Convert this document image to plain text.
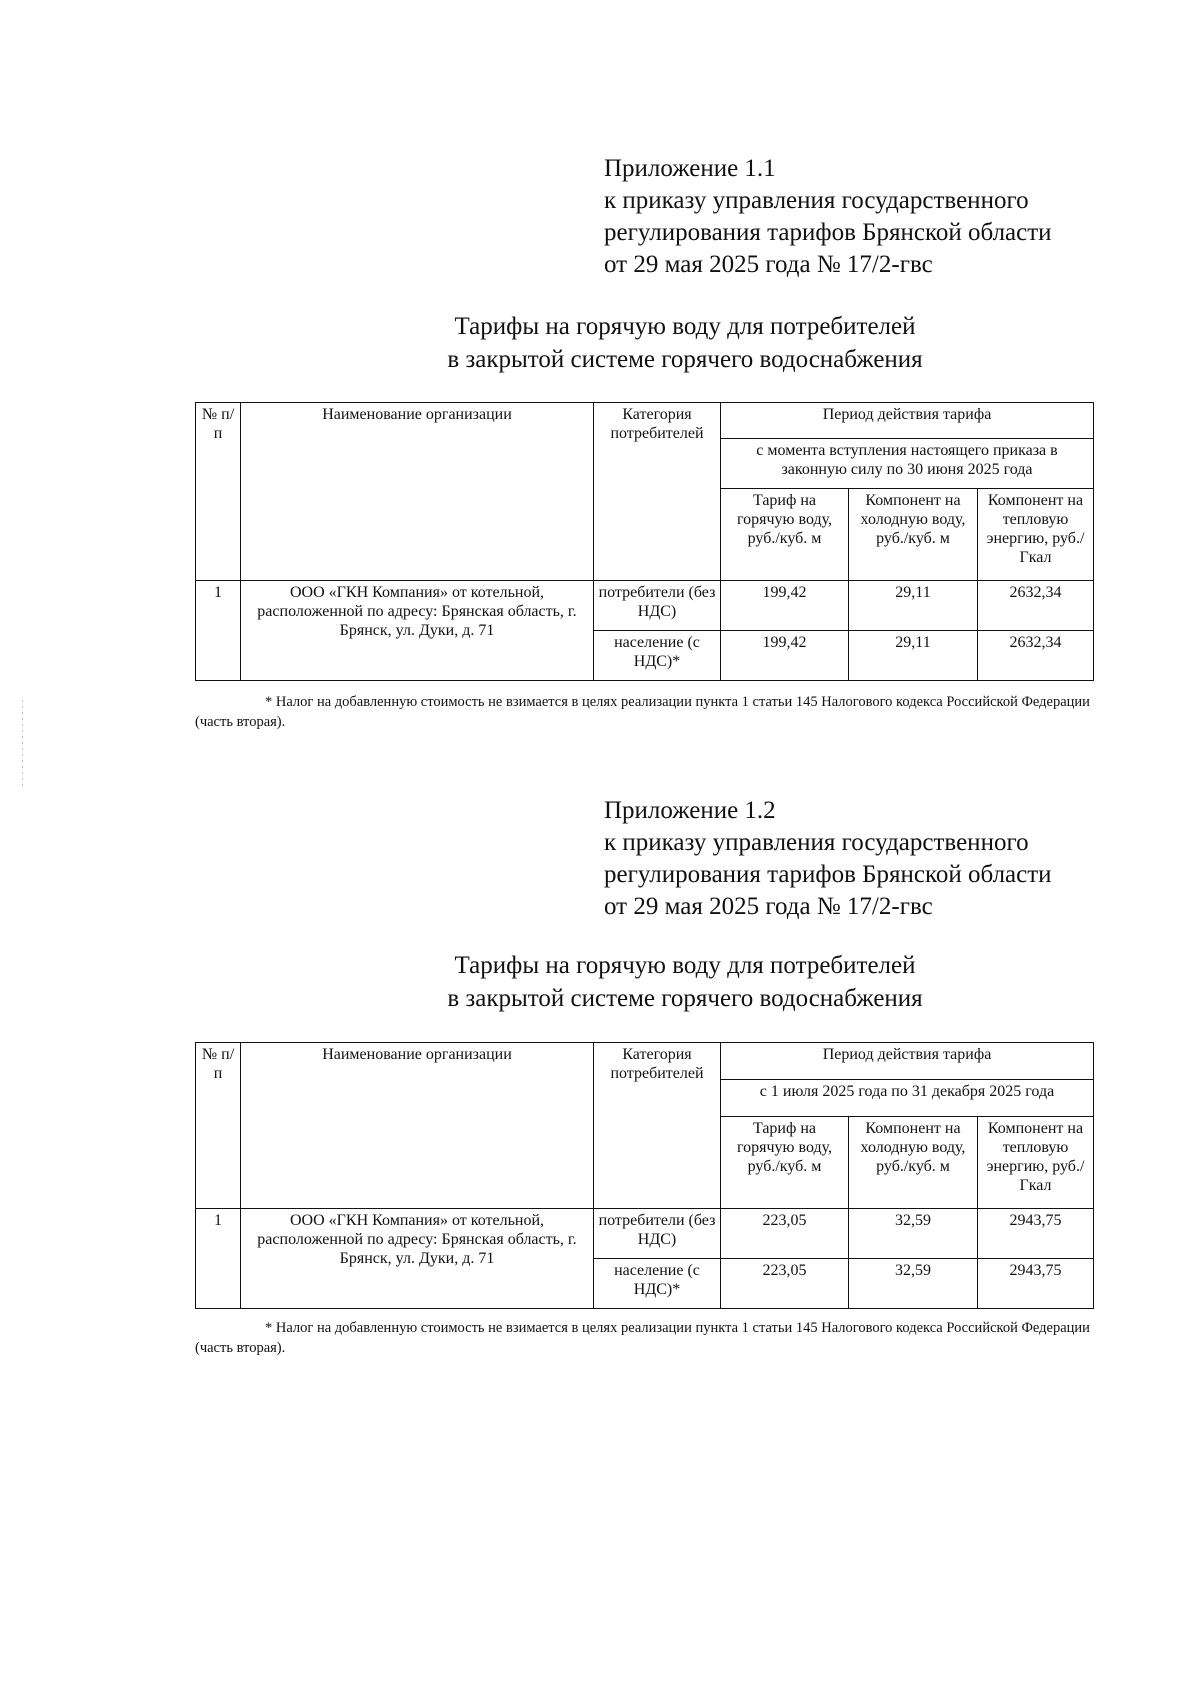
Приложение 1.1
к приказу управления государственного
регулирования тарифов Брянской области
от 29 мая 2025 года № 17/2-гвс
Тарифы на горячую воду для потребителей
в закрытой системе горячего водоснабжения
№ п/п	Наименование организации	Категория потребителей	Период действия тарифа		
			с момента вступления настоящего приказа в законную силу по 30 июня 2025 года		
			Тариф на горячую воду, руб./куб. м	Компонент на холодную воду, руб./куб. м	Компонент на тепловую энергию, руб./Гкал
1	ООО «ГКН Компания» от котельной, расположенной по адресу: Брянская область, г. Брянск, ул. Дуки, д. 71	потребители (без НДС)	199,42	29,11	2632,34
		население (с НДС)*	199,42	29,11	2632,34
* Налог на добавленную стоимость не взимается в целях реализации пункта 1 статьи 145 Налогового кодекса Российской Федерации (часть вторая).
Приложение 1.2
к приказу управления государственного
регулирования тарифов Брянской области
от 29 мая 2025 года № 17/2-гвс
Тарифы на горячую воду для потребителей
в закрытой системе горячего водоснабжения
№ п/п	Наименование организации	Категория потребителей	Период действия тарифа		
			с 1 июля 2025 года по 31 декабря 2025 года		
			Тариф на горячую воду, руб./куб. м	Компонент на холодную воду, руб./куб. м	Компонент на тепловую энергию, руб./Гкал
1	ООО «ГКН Компания» от котельной, расположенной по адресу: Брянская область, г. Брянск, ул. Дуки, д. 71	потребители (без НДС)	223,05	32,59	2943,75
		население (с НДС)*	223,05	32,59	2943,75
* Налог на добавленную стоимость не взимается в целях реализации пункта 1 статьи 145 Налогового кодекса Российской Федерации (часть вторая).
